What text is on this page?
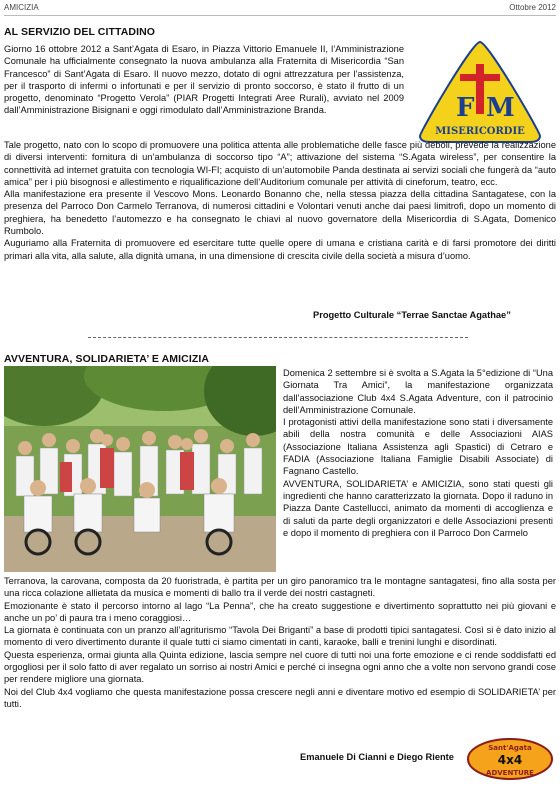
AMICIZIA	Ottobre 2012
AL SERVIZIO DEL CITTADINO

Giorno 16 ottobre 2012 a Sant’Agata di Esaro, in Piazza Vittorio Emanuele II, l’Amministrazione Comunale ha ufficialmente consegnato la nuova ambulanza alla Fraternita di Misericordia “San Francesco” di Sant’Agata di Esaro. Il nuovo mezzo, dotato di ogni attrezzatura per l’assistenza, per il trasporto di infermi o infortunati e per il servizio di pronto soccorso, è stato il frutto di un progetto, denominato “Progetto Verola” (PIAR Progetti Integrati Aree Rurali), avviato nel 2009 dall’Amministrazione Bisignani e oggi rimodulato dall’Amministrazione Branda.	F M
MISERICORDIE

Tale progetto, nato con lo scopo di promuovere una politica attenta alle problematiche delle fasce più deboli, prevede la realizzazione di diversi interventi: fornitura di un’ambulanza di soccorso tipo “A”; attivazione del sistema “S.Agata wireless”, per consentire la connettività ad internet gratuita con tecnologia WI-FI; acquisto di un’automobile Panda destinata ai servizi sociali che fungerà da “auto amica” per i più bisognosi e allestimento e riqualificazione dell’Auditorium comunale per attività di cineforum, teatro, ecc.

Alla manifestazione era presente il Vescovo Mons. Leonardo Bonanno che, nella stessa piazza della cittadina Santagatese, con la presenza del Parroco Don Carmelo Terranova, di numerosi cittadini e Volontari venuti anche dai paesi limitrofi, dopo un momento di preghiera, ha benedetto l’automezzo e ha consegnato le chiavi al nuovo governatore della Misericordia di S.Agata, Domenico Rumbolo.

Auguriamo alla Fraternita di promuovere ed esercitare tutte quelle opere di umana e cristiana carità e di farsi promotore dei diritti primari alla vita, alla salute, alla dignità umana, in una dimensione di crescita civile della società a misura d’uomo.

Progetto Culturale “Terrae Sanctae Agathae”
AVVENTURA, SOLIDARIETA’ E AMICIZIA

Domenica 2 settembre si è svolta a S.Agata la 5°edizione di “Una Giornata Tra Amici”, la manifestazione organizzata dall’associazione Club 4x4 S.Agata Adventure, con il patrocinio dell’Amministrazione Comunale.

I protagonisti attivi della manifestazione sono stati i diversamente abili della nostra comunità e delle Associazioni AIAS (Associazione Italiana Assistenza agli Spastici) di Cetraro e FADIA (Associazione Italiana Famiglie Disabili Associate) di Fagnano Castello.

AVVENTURA, SOLIDARIETA’ e AMICIZIA, sono stati questi gli ingredienti che hanno caratterizzato la giornata. Dopo il raduno in Piazza Dante Castellucci, animato da momenti di accoglienza e di saluti da parte degli organizzatori e delle Associazioni presenti e dopo il momento di preghiera con il Parroco Don Carmelo

Terranova, la carovana, composta da 20 fuoristrada, è partita per un giro panoramico tra le montagne santagatesi, fino alla sosta per una ricca colazione allietata da musica e momenti di ballo tra il verde dei nostri castagneti.

Emozionante è stato il percorso intorno al lago “La Penna”, che ha creato suggestione e divertimento soprattutto nei più giovani e anche un po’ di paura tra i meno coraggiosi…

La giornata è continuata con un pranzo all’agriturismo “Tavola Dei Briganti” a base di prodotti tipici santagatesi. Così si è dato inizio al momento di vero divertimento durante il quale tutti ci siamo cimentati in canti, karaoke, balli e trenini lunghi e disordinati.

Questa esperienza, ormai giunta alla Quinta edizione, lascia sempre nel cuore di tutti noi una forte emozione e ci rende soddisfatti ed orgogliosi per il solo fatto di aver regalato un sorriso ai nostri Amici e perché ci insegna ogni anno che a volte non servono grandi cose per rendere migliore una giornata.

Noi del Club 4x4 vogliamo che questa manifestazione possa crescere negli anni e diventare motivo ed esempio di SOLIDARIETA’ per tutti.

Emanuele Di Cianni e Diego Riente
Sant'Agata
4x4
ADVENTURE
